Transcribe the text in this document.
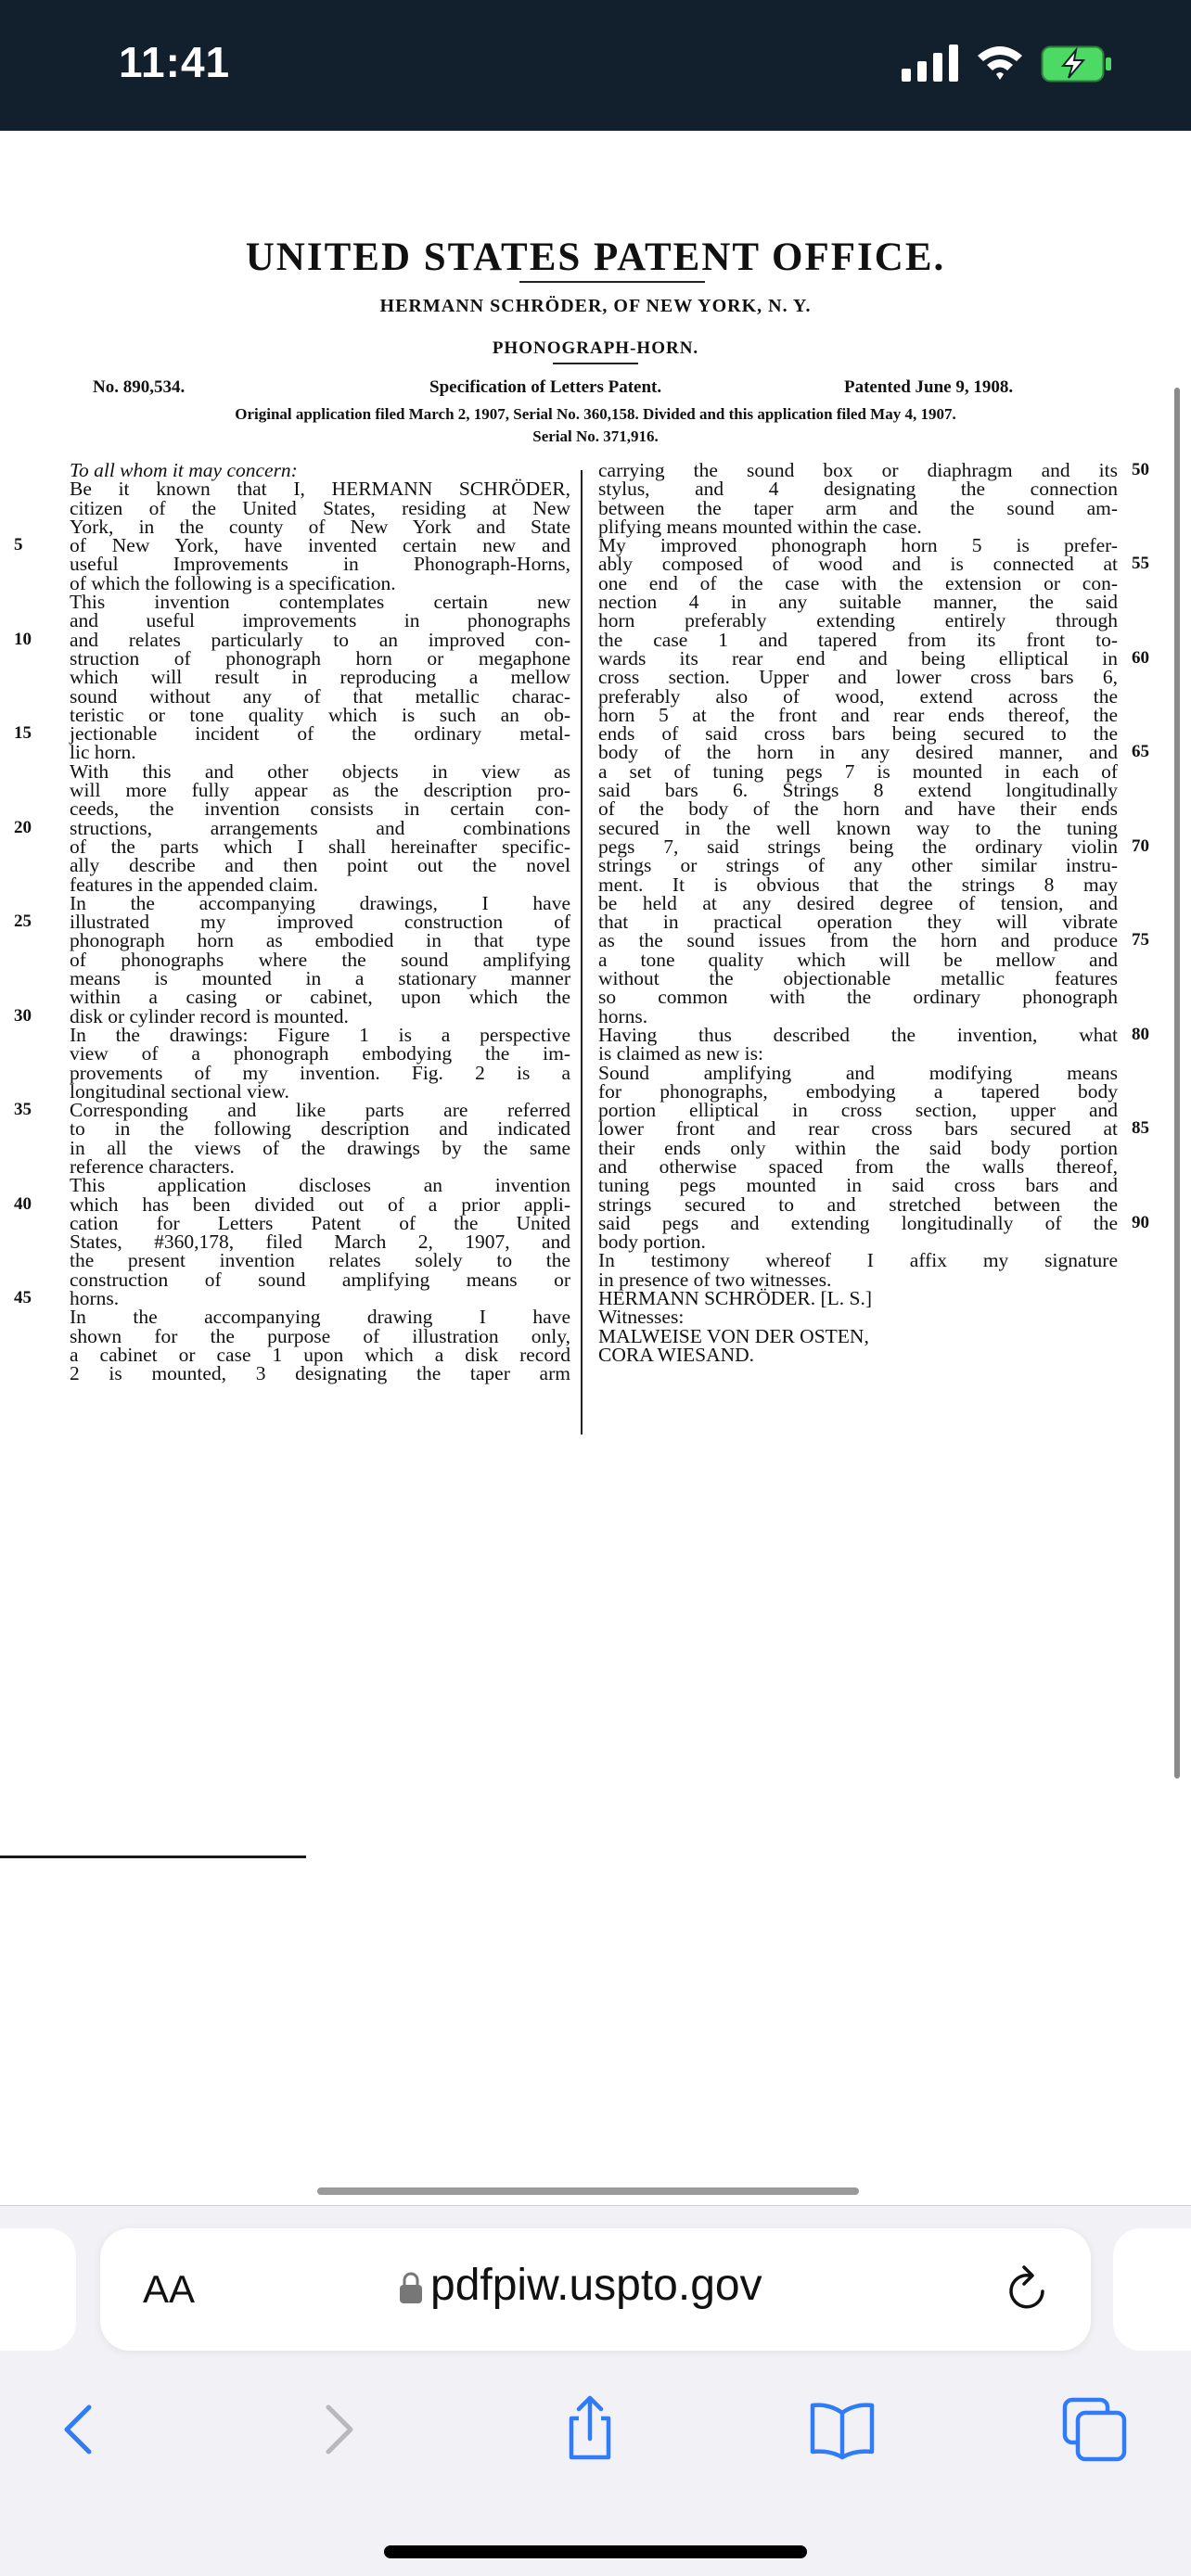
11:41
UNITED STATES PATENT OFFICE.
HERMANN SCHRÖDER, OF NEW YORK, N. Y.
PHONOGRAPH-HORN.
No. 890,534.	Specification of Letters Patent.	Patented June 9, 1908.
Original application filed March 2, 1907, Serial No. 360,158. Divided and this application filed May 4, 1907.
Serial No. 371,916.
To all whom it may concern:
Be it known that I, HERMANN SCHRÖDER,
citizen of the United States, residing at New
York, in the county of New York and State
of New York, have invented certain new and
5
useful Improvements in Phonograph-Horns,
of which the following is a specification.
This invention contemplates certain new
and useful improvements in phonographs
and relates particularly to an improved con-
10
struction of phonograph horn or megaphone
which will result in reproducing a mellow
sound without any of that metallic charac-
teristic or tone quality which is such an ob-
jectionable incident of the ordinary metal-
15
lic horn.
With this and other objects in view as
will more fully appear as the description pro-
ceeds, the invention consists in certain con-
structions, arrangements and combinations
20
of the parts which I shall hereinafter specific-
ally describe and then point out the novel
features in the appended claim.
In the accompanying drawings, I have
illustrated my improved construction of
25
phonograph horn as embodied in that type
of phonographs where the sound amplifying
means is mounted in a stationary manner
within a casing or cabinet, upon which the
disk or cylinder record is mounted.
30
In the drawings: Figure 1 is a perspective
view of a phonograph embodying the im-
provements of my invention. Fig. 2 is a
longitudinal sectional view.
Corresponding and like parts are referred
35
to in the following description and indicated
in all the views of the drawings by the same
reference characters.
This application discloses an invention
which has been divided out of a prior appli-
40
cation for Letters Patent of the United
States, #360,178, filed March 2, 1907, and
the present invention relates solely to the
construction of sound amplifying means or
horns.
45
In the accompanying drawing I have
shown for the purpose of illustration only,
a cabinet or case 1 upon which a disk record
2 is mounted, 3 designating the taper arm
carrying the sound box or diaphragm and its 50
stylus, and 4 designating the connection
between the taper arm and the sound am-
plifying means mounted within the case.
My improved phonograph horn 5 is prefer-
ably composed of wood and is connected at 55
one end of the case with the extension or con-
nection 4 in any suitable manner, the said
horn preferably extending entirely through
the case 1 and tapered from its front to-
wards its rear end and being elliptical in 60
cross section. Upper and lower cross bars 6,
preferably also of wood, extend across the
horn 5 at the front and rear ends thereof, the
ends of said cross bars being secured to the
body of the horn in any desired manner, and 65
a set of tuning pegs 7 is mounted in each of
said bars 6. Strings 8 extend longitudinally
of the body of the horn and have their ends
secured in the well known way to the tuning
pegs 7, said strings being the ordinary violin 70
strings or strings of any other similar instru-
ment. It is obvious that the strings 8 may
be held at any desired degree of tension, and
that in practical operation they will vibrate
as the sound issues from the horn and produce 75
a tone quality which will be mellow and
without the objectionable metallic features
so common with the ordinary phonograph
horns.
Having thus described the invention, what 80
is claimed as new is:
Sound amplifying and modifying means
for phonographs, embodying a tapered body
portion elliptical in cross section, upper and
lower front and rear cross bars secured at 85
their ends only within the said body portion
and otherwise spaced from the walls thereof,
tuning pegs mounted in said cross bars and
strings secured to and stretched between the
said pegs and extending longitudinally of the 90
body portion.
In testimony whereof I affix my signature
in presence of two witnesses.
HERMANN SCHRÖDER. [L. S.]
Witnesses:
MALWEISE VON DER OSTEN,
CORA WIESAND.
AA	pdfpiw.uspto.gov
